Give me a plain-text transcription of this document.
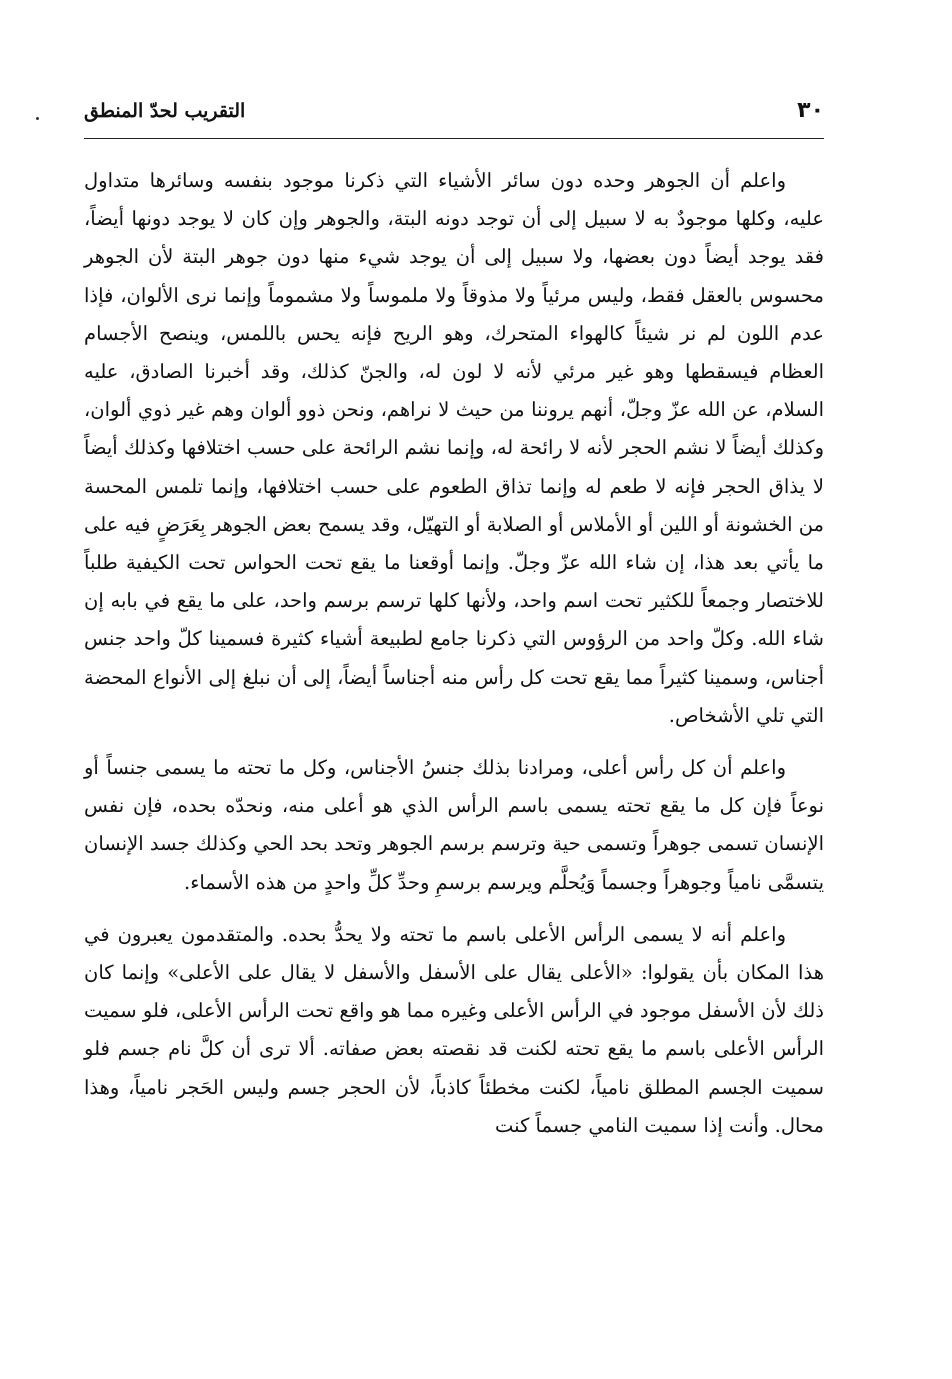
٣٠
التقريب لحدّ المنطق

واعلم أن الجوهر وحده دون سائر الأشياء التي ذكرنا موجود بنفسه وسائرها متداول عليه، وكلها موجودٌ به لا سبيل إلى أن توجد دونه البتة، والجوهر وإن كان لا يوجد دونها أيضاً، فقد يوجد أيضاً دون بعضها، ولا سبيل إلى أن يوجد شيء منها دون جوهر البتة لأن الجوهر محسوس بالعقل فقط، وليس مرئياً ولا مذوقاً ولا ملموساً ولا مشموماً وإنما نرى الألوان، فإذا عدم اللون لم نر شيئاً كالهواء المتحرك، وهو الريح فإنه يحس باللمس، وينصح الأجسام العظام فيسقطها وهو غير مرئي لأنه لا لون له، والجنّ كذلك، وقد أخبرنا الصادق، عليه السلام، عن الله عزّ وجلّ، أنهم يروننا من حيث لا نراهم، ونحن ذوو ألوان وهم غير ذوي ألوان، وكذلك أيضاً لا نشم الحجر لأنه لا رائحة له، وإنما نشم الرائحة على حسب اختلافها وكذلك أيضاً لا يذاق الحجر فإنه لا طعم له وإنما تذاق الطعوم على حسب اختلافها، وإنما تلمس المحسة من الخشونة أو اللين أو الأملاس أو الصلابة أو التهيّل، وقد يسمح بعض الجوهر بِعَرَضٍ فيه على ما يأتي بعد هذا، إن شاء الله عزّ وجلّ. وإنما أوقعنا ما يقع تحت الحواس تحت الكيفية طلباً للاختصار وجمعاً للكثير تحت اسم واحد، ولأنها كلها ترسم برسم واحد، على ما يقع في بابه إن شاء الله. وكلّ واحد من الرؤوس التي ذكرنا جامع لطبيعة أشياء كثيرة فسمينا كلّ واحد جنس أجناس، وسمينا كثيراً مما يقع تحت كل رأس منه أجناساً أيضاً، إلى أن نبلغ إلى الأنواع المحضة التي تلي الأشخاص.

واعلم أن كل رأس أعلى، ومرادنا بذلك جنسُ الأجناس، وكل ما تحته ما يسمى جنساً أو نوعاً فإن كل ما يقع تحته يسمى باسم الرأس الذي هو أعلى منه، ونحدّه بحده، فإن نفس الإنسان تسمى جوهراً وتسمى حية وترسم برسم الجوهر وتحد بحد الحي وكذلك جسد الإنسان يتسمَّى نامياً وجوهراً وجسماً وَيُحلَّم ويرسم برسمِ وحدِّ كلِّ واحدٍ من هذه الأسماء.

واعلم أنه لا يسمى الرأس الأعلى باسم ما تحته ولا يحدُّ بحده. والمتقدمون يعبرون في هذا المكان بأن يقولوا: «الأعلى يقال على الأسفل والأسفل لا يقال على الأعلى» وإنما كان ذلك لأن الأسفل موجود في الرأس الأعلى وغيره مما هو واقع تحت الرأس الأعلى، فلو سميت الرأس الأعلى باسم ما يقع تحته لكنت قد نقصته بعض صفاته. ألا ترى أن كلَّ نام جسم فلو سميت الجسم المطلق نامياً، لكنت مخطئاً كاذباً، لأن الحجر جسم وليس الحَجر نامياً، وهذا محال. وأنت إذا سميت النامي جسماً كنت
